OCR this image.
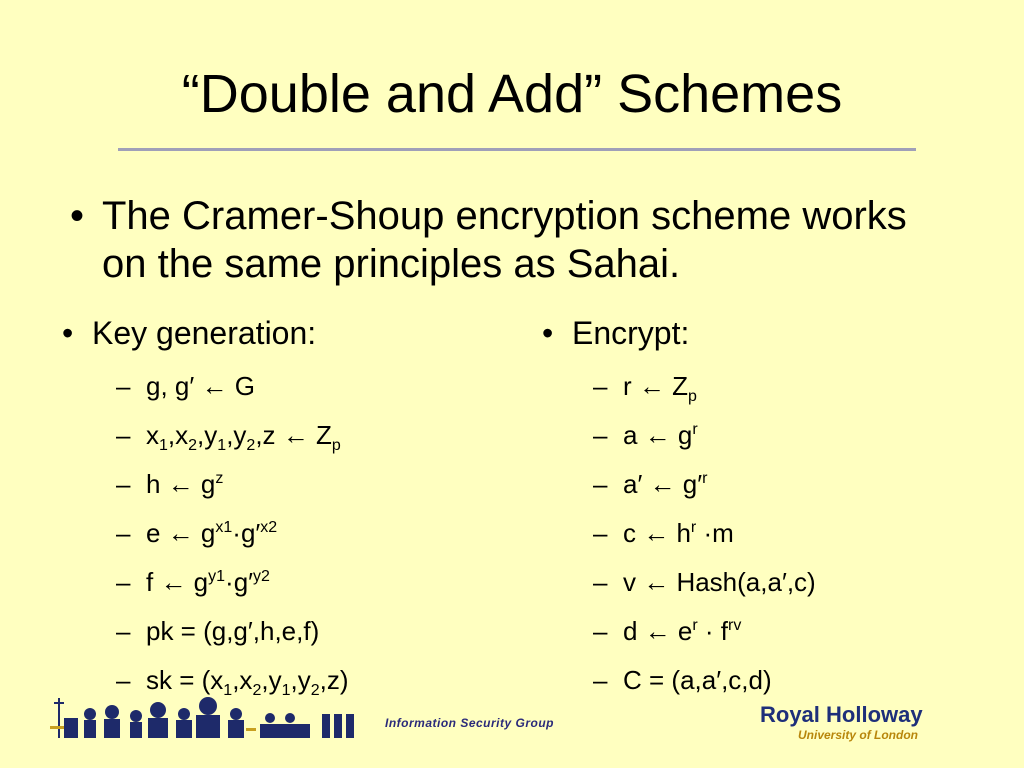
“Double and Add” Schemes
• The Cramer-Shoup encryption scheme works on the same principles as Sahai.
• Key generation:	• Encrypt:
– g, g′ ← G
– $x_1,x_2,y_1,y_2,z$ ← $Z_p$
– h ← $g^z$
– e ← $g^{x1}\cdot g'^{x2}$
– f ← $g^{y1}\cdot g'^{y2}$
– pk = (g,g′,h,e,f)
– sk = $(x_1,x_2,y_1,y_2,z)$
– r ← $Z_p$
– a ← $g^r$
– a′ ← $g'^r$
– c ← $h^r \cdot m$
– v ← Hash(a,a′,c)
– d ← $e^r \cdot f^{rv}$
– C = (a,a′,c,d)
Information Security Group	Royal Holloway
University of London
